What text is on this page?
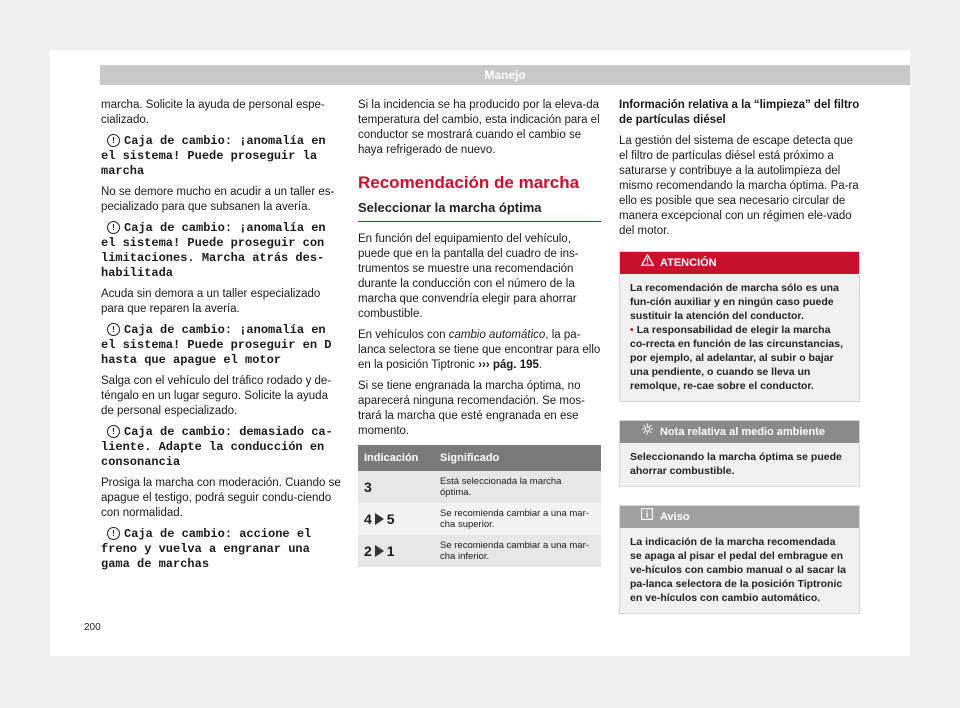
Manejo

marcha. Solicite la ayuda de personal espe-cializado.

! Caja de cambio: ¡anomalía en el sistema! Puede proseguir la marcha

No se demore mucho en acudir a un taller es-pecializado para que subsanen la avería.

! Caja de cambio: ¡anomalía en el sistema! Puede proseguir con limitaciones. Marcha atrás des-habilitada

Acuda sin demora a un taller especializado para que reparen la avería.

! Caja de cambio: ¡anomalía en el sistema! Puede proseguir en D hasta que apague el motor

Salga con el vehículo del tráfico rodado y de-téngalo en un lugar seguro. Solicite la ayuda de personal especializado.

! Caja de cambio: demasiado ca-liente. Adapte la conducción en consonancia

Prosiga la marcha con moderación. Cuando se apague el testigo, podrá seguir condu-ciendo con normalidad.

! Caja de cambio: accione el freno y vuelva a engranar una gama de marchas

Si la incidencia se ha producido por la eleva-da temperatura del cambio, esta indicación para el conductor se mostrará cuando el cambio se haya refrigerado de nuevo.

Recomendación de marcha
Seleccionar la marcha óptima

En función del equipamiento del vehículo, puede que en la pantalla del cuadro de ins-trumentos se muestre una recomendación durante la conducción con el número de la marcha que convendría elegir para ahorrar combustible.

En vehículos con cambio automático, la pa-lanca selectora se tiene que encontrar para ello en la posición Tiptronic ››› pág. 195.

Si se tiene engranada la marcha óptima, no aparecerá ninguna recomendación. Se mos-trará la marcha que esté engranada en ese momento.

Indicación	Significado
3	Está seleccionada la marcha óptima.
4 5	Se recomienda cambiar a una mar-cha superior.
2 1	Se recomienda cambiar a una mar-cha inferior.

Información relativa a la “limpieza” del filtro de partículas diésel

La gestión del sistema de escape detecta que el filtro de partículas diésel está próximo a saturarse y contribuye a la autolimpieza del mismo recomendando la marcha óptima. Pa-ra ello es posible que sea necesario circular de manera excepcional con un régimen ele-vado del motor.

ATENCIÓN

La recomendación de marcha sólo es una fun-ción auxiliar y en ningún caso puede sustituir la atención del conductor.

• La responsabilidad de elegir la marcha co-rrecta en función de las circunstancias, por ejemplo, al adelantar, al subir o bajar una pendiente, o cuando se lleva un remolque, re-cae sobre el conductor.

Nota relativa al medio ambiente

Seleccionando la marcha óptima se puede ahorrar combustible.

Aviso

La indicación de la marcha recomendada se apaga al pisar el pedal del embrague en ve-hículos con cambio manual o al sacar la pa-lanca selectora de la posición Tiptronic en ve-hículos con cambio automático.

200
